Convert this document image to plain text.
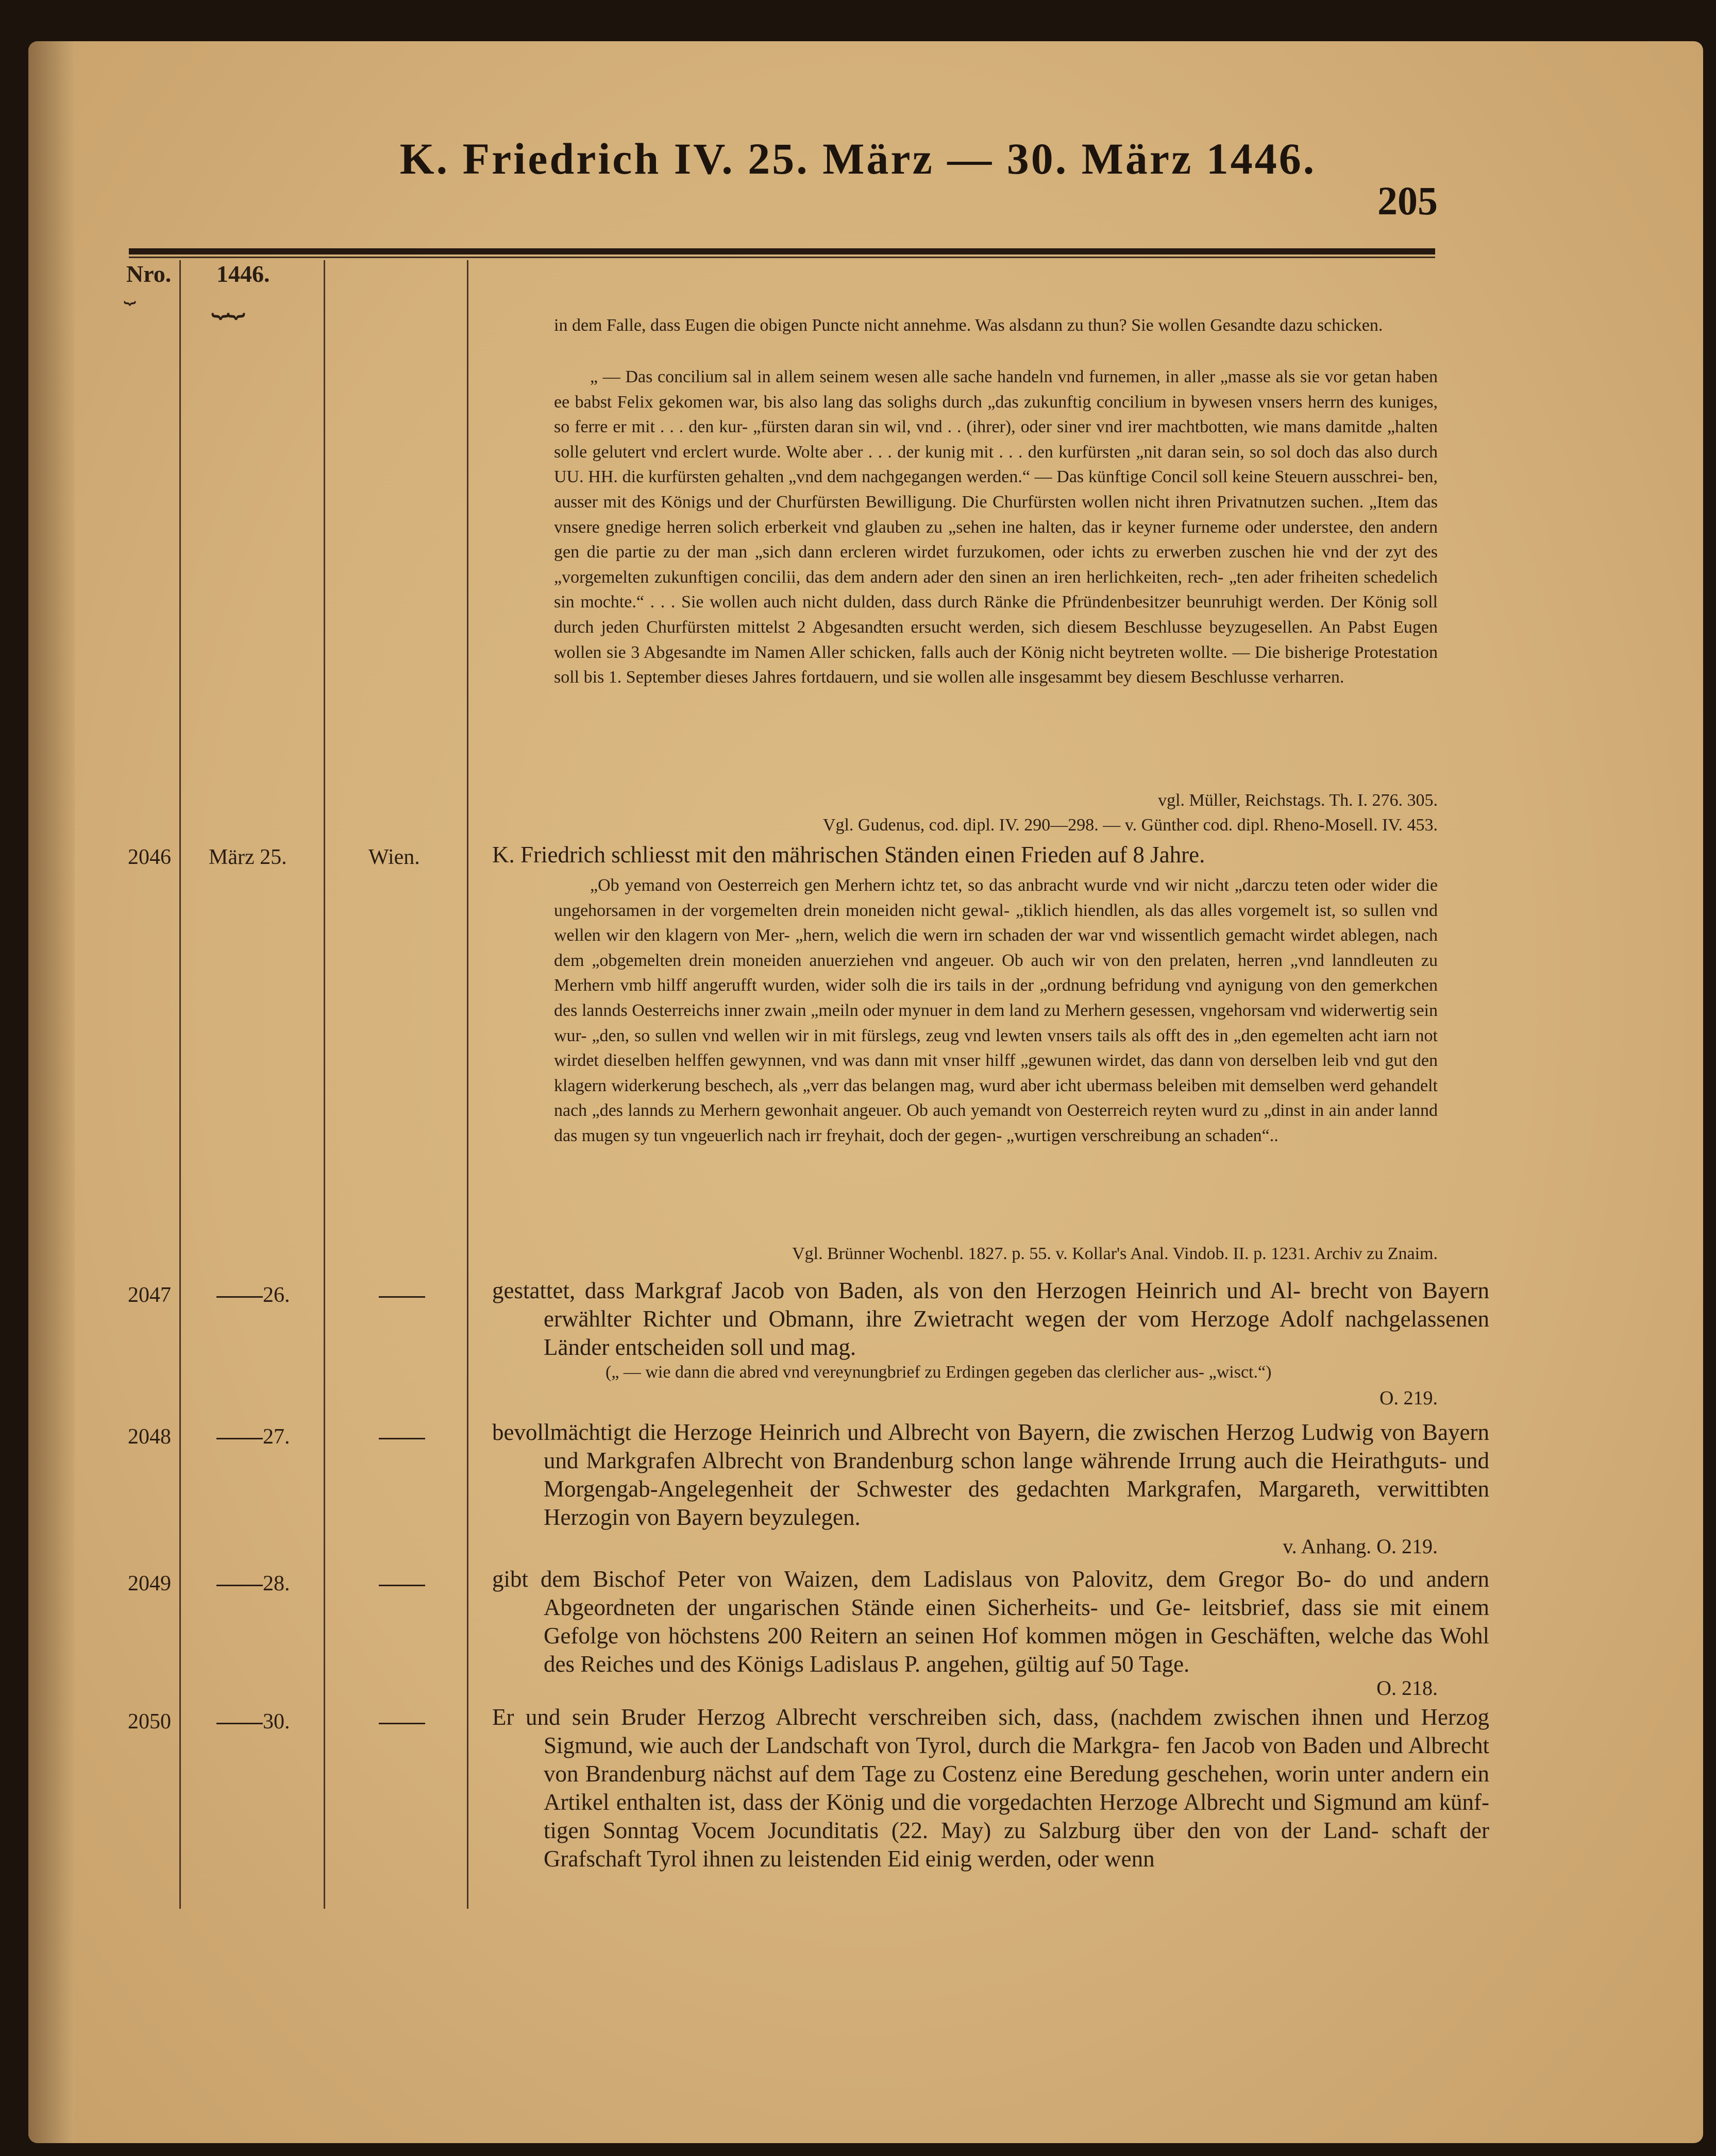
K. Friedrich IV. 25. März — 30. März 1446.
205
Nro.
⏟
1446.
⏟⏟
in dem Falle, dass Eugen die obigen Puncte nicht annehme. Was alsdann zu thun? Sie wollen Gesandte dazu schicken.
„ — Das concilium sal in allem seinem wesen alle sache handeln vnd furnemen, in aller „masse als sie vor getan haben ee babst Felix gekomen war, bis also lang das solighs durch „das zukunftig concilium in bywesen vnsers herrn des kuniges, so ferre er mit . . . den kur- „fürsten daran sin wil, vnd . . (ihrer), oder siner vnd irer machtbotten, wie mans damitde „halten solle gelutert vnd erclert wurde. Wolte aber . . . der kunig mit . . . den kurfürsten „nit daran sein, so sol doch das also durch UU. HH. die kurfürsten gehalten „vnd dem nachgegangen werden.“ — Das künftige Concil soll keine Steuern ausschrei- ben, ausser mit des Königs und der Churfürsten Bewilligung. Die Churfürsten wollen nicht ihren Privatnutzen suchen. „Item das vnsere gnedige herren solich erberkeit vnd glauben zu „sehen ine halten, das ir keyner furneme oder understee, den andern gen die partie zu der man „sich dann ercleren wirdet furzukomen, oder ichts zu erwerben zuschen hie vnd der zyt des „vorgemelten zukunftigen concilii, das dem andern ader den sinen an iren herlichkeiten, rech- „ten ader friheiten schedelich sin mochte.“ . . . Sie wollen auch nicht dulden, dass durch Ränke die Pfründenbesitzer beunruhigt werden. Der König soll durch jeden Churfürsten mittelst 2 Abgesandten ersucht werden, sich diesem Beschlusse beyzugesellen. An Pabst Eugen wollen sie 3 Abgesandte im Namen Aller schicken, falls auch der König nicht beytreten wollte. — Die bisherige Protestation soll bis 1. September dieses Jahres fortdauern, und sie wollen alle insgesammt bey diesem Beschlusse verharren.
vgl. Müller, Reichstags. Th. I. 276. 305.
Vgl. Gudenus, cod. dipl. IV. 290—298. — v. Günther cod. dipl. Rheno-Mosell. IV. 453.
2046 März 25.	Wien.	K. Friedrich schliesst mit den mährischen Ständen einen Frieden auf 8 Jahre.
„Ob yemand von Oesterreich gen Merhern ichtz tet, so das anbracht wurde vnd wir nicht „darczu teten oder wider die ungehorsamen in der vorgemelten drein moneiden nicht gewal- „tiklich hiendlen, als das alles vorgemelt ist, so sullen vnd wellen wir den klagern von Mer- „hern, welich die wern irn schaden der war vnd wissentlich gemacht wirdet ablegen, nach dem „obgemelten drein moneiden anuerziehen vnd angeuer. Ob auch wir von den prelaten, herren „vnd lanndleuten zu Merhern vmb hilff angerufft wurden, wider solh die irs tails in der „ordnung befridung vnd aynigung von den gemerkchen des lannds Oesterreichs inner zwain „meiln oder mynuer in dem land zu Merhern gesessen, vngehorsam vnd widerwertig sein wur- „den, so sullen vnd wellen wir in mit fürslegs, zeug vnd lewten vnsers tails als offt des in „den egemelten acht iarn not wirdet dieselben helffen gewynnen, vnd was dann mit vnser hilff „gewunen wirdet, das dann von derselben leib vnd gut den klagern widerkerung beschech, als „verr das belangen mag, wurd aber icht ubermass beleiben mit demselben werd gehandelt nach „des lannds zu Merhern gewonhait angeuer. Ob auch yemandt von Oesterreich reyten wurd zu „dinst in ain ander lannd das mugen sy tun vngeuerlich nach irr freyhait, doch der gegen- „wurtigen verschreibung an schaden“..
Vgl. Brünner Wochenbl. 1827. p. 55. v. Kollar's Anal. Vindob. II. p. 1231. Archiv zu Znaim.
2047	26.	gestattet, dass Markgraf Jacob von Baden, als von den Herzogen Heinrich und Al- brecht von Bayern erwählter Richter und Obmann, ihre Zwietracht wegen der vom Herzoge Adolf nachgelassenen Länder entscheiden soll und mag.
(„ — wie dann die abred vnd vereynungbrief zu Erdingen gegeben das clerlicher aus- „wisct.“)
O. 219.
2048	27.	bevollmächtigt die Herzoge Heinrich und Albrecht von Bayern, die zwischen Herzog Ludwig von Bayern und Markgrafen Albrecht von Brandenburg schon lange währende Irrung auch die Heirathguts- und Morgengab-Angelegenheit der Schwester des gedachten Markgrafen, Margareth, verwittibten Herzogin von Bayern beyzulegen.
v. Anhang. O. 219.
2049	28.	gibt dem Bischof Peter von Waizen, dem Ladislaus von Palovitz, dem Gregor Bo- do und andern Abgeordneten der ungarischen Stände einen Sicherheits- und Ge- leitsbrief, dass sie mit einem Gefolge von höchstens 200 Reitern an seinen Hof kommen mögen in Geschäften, welche das Wohl des Reiches und des Königs Ladislaus P. angehen, gültig auf 50 Tage.
O. 218.
2050	30.	Er und sein Bruder Herzog Albrecht verschreiben sich, dass, (nachdem zwischen ihnen und Herzog Sigmund, wie auch der Landschaft von Tyrol, durch die Markgra- fen Jacob von Baden und Albrecht von Brandenburg nächst auf dem Tage zu Costenz eine Beredung geschehen, worin unter andern ein Artikel enthalten ist, dass der König und die vorgedachten Herzoge Albrecht und Sigmund am künf- tigen Sonntag Vocem Jocunditatis (22. May) zu Salzburg über den von der Land- schaft der Grafschaft Tyrol ihnen zu leistenden Eid einig werden, oder wenn
